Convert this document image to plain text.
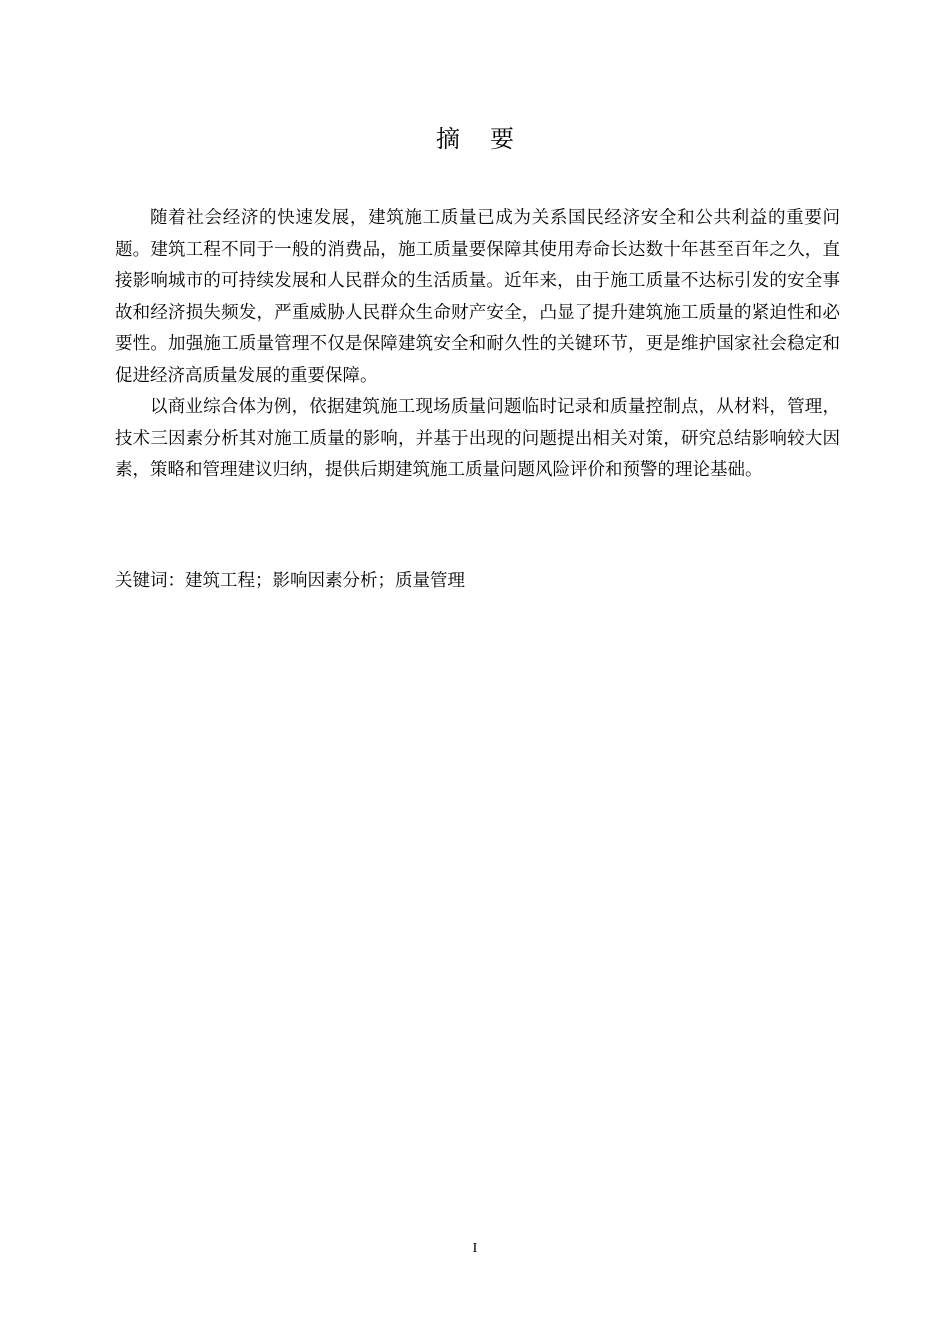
摘要

随着社会经济的快速发展，建筑施工质量已成为关系国民经济安全和公共利益的重要问题。建筑工程不同于一般的消费品，施工质量要保障其使用寿命长达数十年甚至百年之久，直接影响城市的可持续发展和人民群众的生活质量。近年来，由于施工质量不达标引发的安全事故和经济损失频发，严重威胁人民群众生命财产安全，凸显了提升建筑施工质量的紧迫性和必要性。加强施工质量管理不仅是保障建筑安全和耐久性的关键环节，更是维护国家社会稳定和促进经济高质量发展的重要保障。

以商业综合体为例，依据建筑施工现场质量问题临时记录和质量控制点，从材料，管理，技术三因素分析其对施工质量的影响，并基于出现的问题提出相关对策，研究总结影响较大因素，策略和管理建议归纳，提供后期建筑施工质量问题风险评价和预警的理论基础。

关键词：建筑工程；影响因素分析；质量管理
I
